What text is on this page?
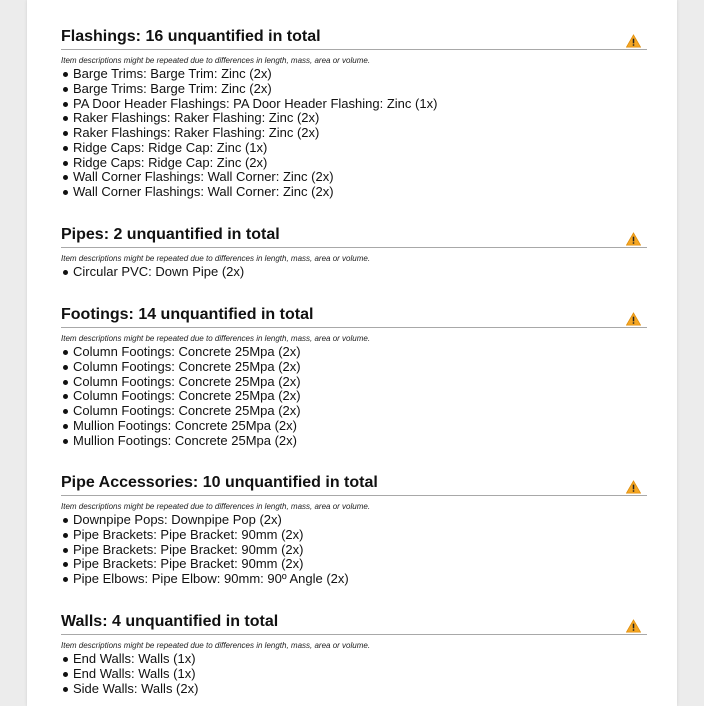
Flashings: 16 unquantified in total
Item descriptions might be repeated due to differences in length, mass, area or volume.
Barge Trims: Barge Trim: Zinc (2x)
Barge Trims: Barge Trim: Zinc (2x)
PA Door Header Flashings: PA Door Header Flashing: Zinc (1x)
Raker Flashings: Raker Flashing: Zinc (2x)
Raker Flashings: Raker Flashing: Zinc (2x)
Ridge Caps: Ridge Cap: Zinc (1x)
Ridge Caps: Ridge Cap: Zinc (2x)
Wall Corner Flashings: Wall Corner: Zinc (2x)
Wall Corner Flashings: Wall Corner: Zinc (2x)
Pipes: 2 unquantified in total
Item descriptions might be repeated due to differences in length, mass, area or volume.
Circular PVC: Down Pipe (2x)
Footings: 14 unquantified in total
Item descriptions might be repeated due to differences in length, mass, area or volume.
Column Footings: Concrete 25Mpa (2x)
Column Footings: Concrete 25Mpa (2x)
Column Footings: Concrete 25Mpa (2x)
Column Footings: Concrete 25Mpa (2x)
Column Footings: Concrete 25Mpa (2x)
Mullion Footings: Concrete 25Mpa (2x)
Mullion Footings: Concrete 25Mpa (2x)
Pipe Accessories: 10 unquantified in total
Item descriptions might be repeated due to differences in length, mass, area or volume.
Downpipe Pops: Downpipe Pop (2x)
Pipe Brackets: Pipe Bracket: 90mm (2x)
Pipe Brackets: Pipe Bracket: 90mm (2x)
Pipe Brackets: Pipe Bracket: 90mm (2x)
Pipe Elbows: Pipe Elbow: 90mm: 90º Angle (2x)
Walls: 4 unquantified in total
Item descriptions might be repeated due to differences in length, mass, area or volume.
End Walls: Walls (1x)
End Walls: Walls (1x)
Side Walls: Walls (2x)
